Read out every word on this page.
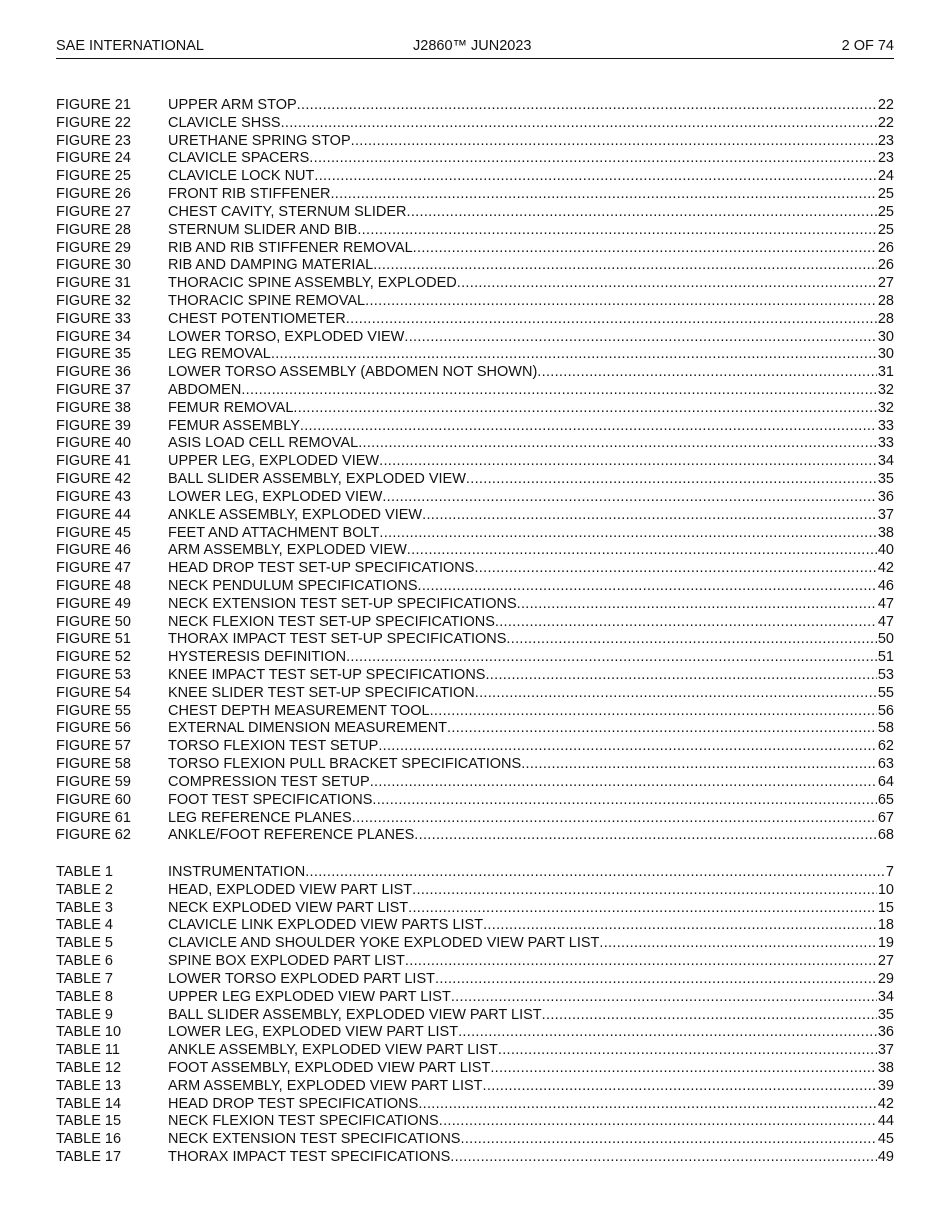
SAE INTERNATIONAL	J2860™ JUN2023	2 OF 74
FIGURE 21	UPPER ARM STOP .....	22
FIGURE 22	CLAVICLE SHSS .....	22
FIGURE 23	URETHANE SPRING STOP .....	23
FIGURE 24	CLAVICLE SPACERS .....	23
FIGURE 25	CLAVICLE LOCK NUT .....	24
FIGURE 26	FRONT RIB STIFFENER .....	25
FIGURE 27	CHEST CAVITY, STERNUM SLIDER .....	25
FIGURE 28	STERNUM SLIDER AND BIB .....	25
FIGURE 29	RIB AND RIB STIFFENER REMOVAL .....	26
FIGURE 30	RIB AND DAMPING MATERIAL .....	26
FIGURE 31	THORACIC SPINE ASSEMBLY, EXPLODED .....	27
FIGURE 32	THORACIC SPINE REMOVAL .....	28
FIGURE 33	CHEST POTENTIOMETER .....	28
FIGURE 34	LOWER TORSO, EXPLODED VIEW .....	30
FIGURE 35	LEG REMOVAL .....	30
FIGURE 36	LOWER TORSO ASSEMBLY (ABDOMEN NOT SHOWN) .....	31
FIGURE 37	ABDOMEN .....	32
FIGURE 38	FEMUR REMOVAL .....	32
FIGURE 39	FEMUR ASSEMBLY .....	33
FIGURE 40	ASIS LOAD CELL REMOVAL .....	33
FIGURE 41	UPPER LEG, EXPLODED VIEW .....	34
FIGURE 42	BALL SLIDER ASSEMBLY, EXPLODED VIEW .....	35
FIGURE 43	LOWER LEG, EXPLODED VIEW .....	36
FIGURE 44	ANKLE ASSEMBLY, EXPLODED VIEW .....	37
FIGURE 45	FEET AND ATTACHMENT BOLT .....	38
FIGURE 46	ARM ASSEMBLY, EXPLODED VIEW .....	40
FIGURE 47	HEAD DROP TEST SET-UP SPECIFICATIONS .....	42
FIGURE 48	NECK PENDULUM SPECIFICATIONS .....	46
FIGURE 49	NECK EXTENSION TEST SET-UP SPECIFICATIONS .....	47
FIGURE 50	NECK FLEXION TEST SET-UP SPECIFICATIONS .....	47
FIGURE 51	THORAX IMPACT TEST SET-UP SPECIFICATIONS .....	50
FIGURE 52	HYSTERESIS DEFINITION .....	51
FIGURE 53	KNEE IMPACT TEST SET-UP SPECIFICATIONS .....	53
FIGURE 54	KNEE SLIDER TEST SET-UP SPECIFICATION .....	55
FIGURE 55	CHEST DEPTH MEASUREMENT TOOL .....	56
FIGURE 56	EXTERNAL DIMENSION MEASUREMENT .....	58
FIGURE 57	TORSO FLEXION TEST SETUP .....	62
FIGURE 58	TORSO FLEXION PULL BRACKET SPECIFICATIONS .....	63
FIGURE 59	COMPRESSION TEST SETUP .....	64
FIGURE 60	FOOT TEST SPECIFICATIONS .....	65
FIGURE 61	LEG REFERENCE PLANES .....	67
FIGURE 62	ANKLE/FOOT REFERENCE PLANES .....	68
TABLE 1	INSTRUMENTATION .....	7
TABLE 2	HEAD, EXPLODED VIEW PART LIST .....	10
TABLE 3	NECK EXPLODED VIEW PART LIST .....	15
TABLE 4	CLAVICLE LINK EXPLODED VIEW PARTS LIST .....	18
TABLE 5	CLAVICLE AND SHOULDER YOKE EXPLODED VIEW PART LIST .....	19
TABLE 6	SPINE BOX EXPLODED PART LIST .....	27
TABLE 7	LOWER TORSO EXPLODED PART LIST .....	29
TABLE 8	UPPER LEG EXPLODED VIEW PART LIST .....	34
TABLE 9	BALL SLIDER ASSEMBLY, EXPLODED VIEW PART LIST .....	35
TABLE 10	LOWER LEG, EXPLODED VIEW PART LIST .....	36
TABLE 11	ANKLE ASSEMBLY, EXPLODED VIEW PART LIST .....	37
TABLE 12	FOOT ASSEMBLY, EXPLODED VIEW PART LIST .....	38
TABLE 13	ARM ASSEMBLY, EXPLODED VIEW PART LIST .....	39
TABLE 14	HEAD DROP TEST SPECIFICATIONS .....	42
TABLE 15	NECK FLEXION TEST SPECIFICATIONS .....	44
TABLE 16	NECK EXTENSION TEST SPECIFICATIONS .....	45
TABLE 17	THORAX IMPACT TEST SPECIFICATIONS .....	49
